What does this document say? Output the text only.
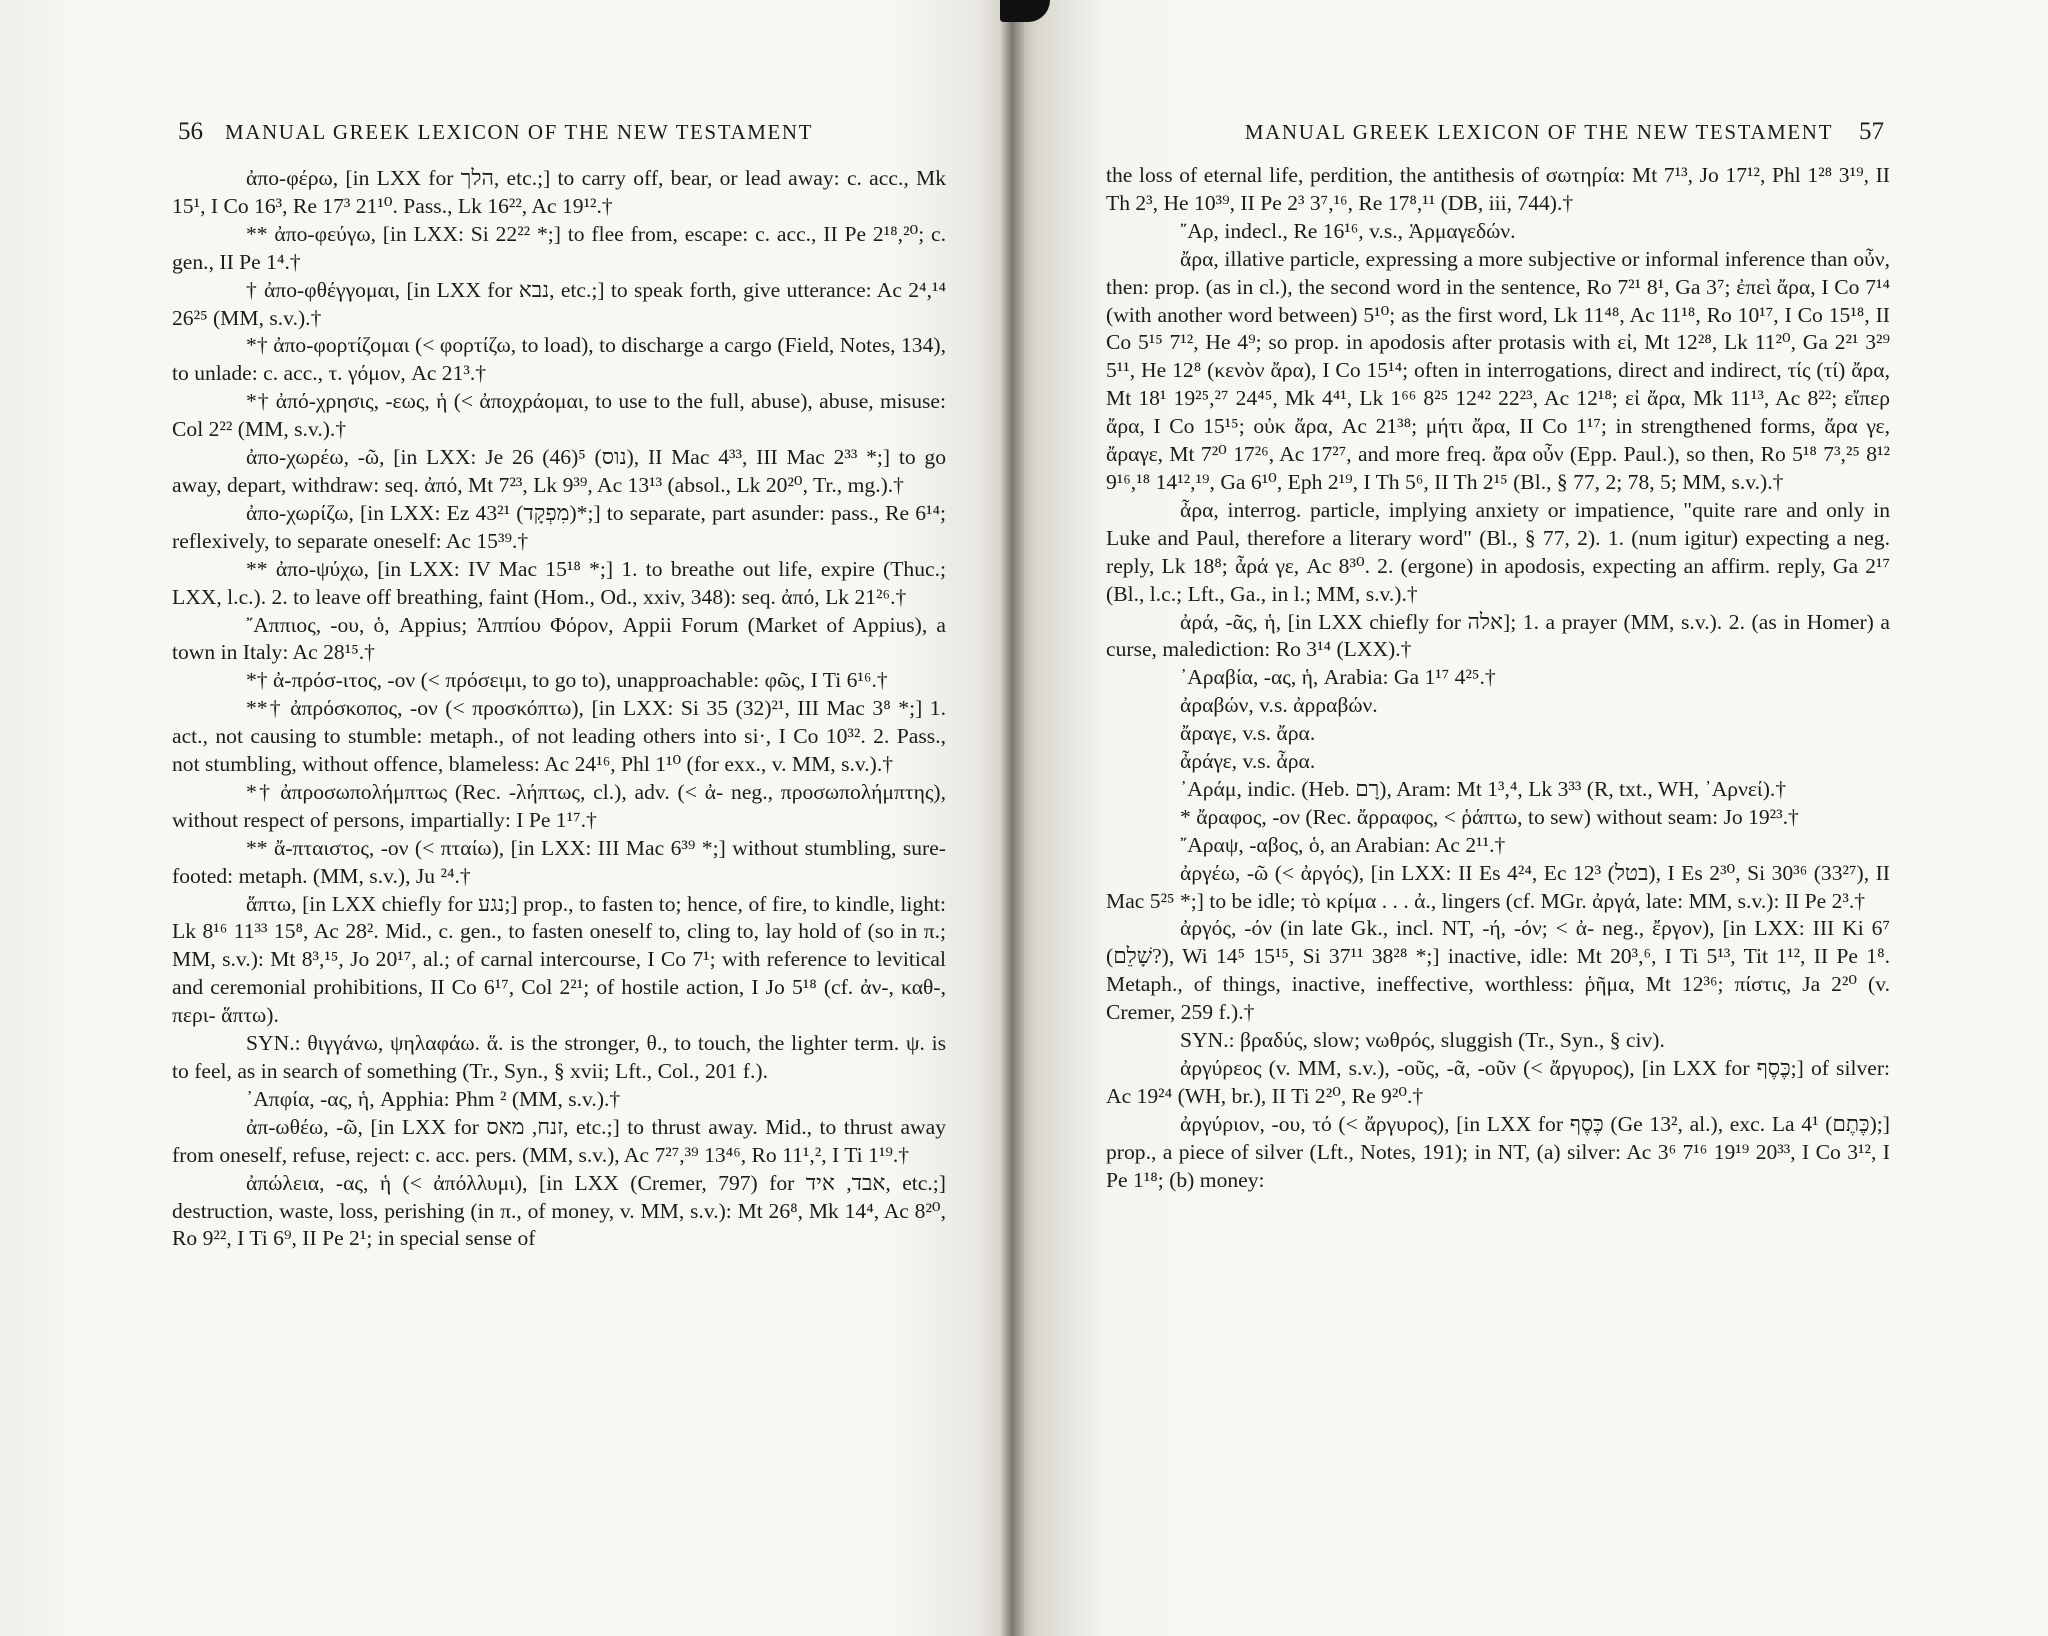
56 MANUAL GREEK LEXICON OF THE NEW TESTAMENT

ἀπο-φέρω, [in LXX for הלך, etc.;] to carry off, bear, or lead away: c. acc., Mk 15¹, I Co 16³, Re 17³ 21¹⁰. Pass., Lk 16²², Ac 19¹².†

** ἀπο-φεύγω, [in LXX: Si 22²² *;] to flee from, escape: c. acc., II Pe 2¹⁸,²⁰; c. gen., II Pe 1⁴.†

† ἀπο-φθέγγομαι, [in LXX for נבא, etc.;] to speak forth, give utterance: Ac 2⁴,¹⁴ 26²⁵ (MM, s.v.).†

*† ἀπο-φορτίζομαι (< φορτίζω, to load), to discharge a cargo (Field, Notes, 134), to unlade: c. acc., τ. γόμον, Ac 21³.†

*† ἀπό-χρησις, -εως, ἡ (< ἀποχράομαι, to use to the full, abuse), abuse, misuse: Col 2²² (MM, s.v.).†

ἀπο-χωρέω, -ῶ, [in LXX: Je 26 (46)⁵ (נוס), II Mac 4³³, III Mac 2³³ *;] to go away, depart, withdraw: seq. ἀπό, Mt 7²³, Lk 9³⁹, Ac 13¹³ (absol., Lk 20²⁰, Tr., mg.).†

ἀπο-χωρίζω, [in LXX: Ez 43²¹ (מִפְקָד)*;] to separate, part asunder: pass., Re 6¹⁴; reflexively, to separate oneself: Ac 15³⁹.†

** ἀπο-ψύχω, [in LXX: IV Mac 15¹⁸ *;] 1. to breathe out life, expire (Thuc.; LXX, l.c.). 2. to leave off breathing, faint (Hom., Od., xxiv, 348): seq. ἀπό, Lk 21²⁶.†

῎Αππιος, -ου, ὁ, Appius; Ἀππίου Φόρον, Appii Forum (Market of Appius), a town in Italy: Ac 28¹⁵.†

*† ἀ-πρόσ-ιτος, -ον (< πρόσειμι, to go to), unapproachable: φῶς, I Ti 6¹⁶.†

**† ἀπρόσκοπος, -ον (< προσκόπτω), [in LXX: Si 35 (32)²¹, III Mac 3⁸ *;] 1. act., not causing to stumble: metaph., of not leading others into si·, I Co 10³². 2. Pass., not stumbling, without offence, blameless: Ac 24¹⁶, Phl 1¹⁰ (for exx., v. MM, s.v.).†

*† ἀπροσωπολήμπτως (Rec. -λήπτως, cl.), adv. (< ἀ- neg., προσωπολήμπτης), without respect of persons, impartially: I Pe 1¹⁷.†

** ἄ-πταιστος, -ον (< πταίω), [in LXX: III Mac 6³⁹ *;] without stumbling, sure-footed: metaph. (MM, s.v.), Ju ²⁴.†

ἅπτω, [in LXX chiefly for נגע;] prop., to fasten to; hence, of fire, to kindle, light: Lk 8¹⁶ 11³³ 15⁸, Ac 28². Mid., c. gen., to fasten oneself to, cling to, lay hold of (so in π.; MM, s.v.): Mt 8³,¹⁵, Jo 20¹⁷, al.; of carnal intercourse, I Co 7¹; with reference to levitical and ceremonial prohibitions, II Co 6¹⁷, Col 2²¹; of hostile action, I Jo 5¹⁸ (cf. ἀν-, καθ-, περι- ἅπτω).

SYN.: θιγγάνω, ψηλαφάω. ἅ. is the stronger, θ., to touch, the lighter term. ψ. is to feel, as in search of something (Tr., Syn., § xvii; Lft., Col., 201 f.).

᾿Απφία, -ας, ἡ, Apphia: Phm ² (MM, s.v.).†

ἀπ-ωθέω, -ῶ, [in LXX for זנח, מאס, etc.;] to thrust away. Mid., to thrust away from oneself, refuse, reject: c. acc. pers. (MM, s.v.), Ac 7²⁷,³⁹ 13⁴⁶, Ro 11¹,², I Ti 1¹⁹.†

ἀπώλεια, -ας, ἡ (< ἀπόλλυμι), [in LXX (Cremer, 797) for אבד, איד, etc.;] destruction, waste, loss, perishing (in π., of money, v. MM, s.v.): Mt 26⁸, Mk 14⁴, Ac 8²⁰, Ro 9²², I Ti 6⁹, II Pe 2¹; in special sense of

MANUAL GREEK LEXICON OF THE NEW TESTAMENT 57

the loss of eternal life, perdition, the antithesis of σωτηρία: Mt 7¹³, Jo 17¹², Phl 1²⁸ 3¹⁹, II Th 2³, He 10³⁹, II Pe 2³ 3⁷,¹⁶, Re 17⁸,¹¹ (DB, iii, 744).†

῎Αρ, indecl., Re 16¹⁶, v.s., Ἁρμαγεδών.

ἄρα, illative particle, expressing a more subjective or informal inference than οὖν, then: prop. (as in cl.), the second word in the sentence, Ro 7²¹ 8¹, Ga 3⁷; ἐπεὶ ἄρα, I Co 7¹⁴ (with another word between) 5¹⁰; as the first word, Lk 11⁴⁸, Ac 11¹⁸, Ro 10¹⁷, I Co 15¹⁸, II Co 5¹⁵ 7¹², He 4⁹; so prop. in apodosis after protasis with εἰ, Mt 12²⁸, Lk 11²⁰, Ga 2²¹ 3²⁹ 5¹¹, He 12⁸ (κενὸν ἄρα), I Co 15¹⁴; often in interrogations, direct and indirect, τίς (τί) ἄρα, Mt 18¹ 19²⁵,²⁷ 24⁴⁵, Mk 4⁴¹, Lk 1⁶⁶ 8²⁵ 12⁴² 22²³, Ac 12¹⁸; εἰ ἄρα, Mk 11¹³, Ac 8²²; εἴπερ ἄρα, I Co 15¹⁵; οὐκ ἄρα, Ac 21³⁸; μήτι ἄρα, II Co 1¹⁷; in strengthened forms, ἄρα γε, ἄραγε, Mt 7²⁰ 17²⁶, Ac 17²⁷, and more freq. ἄρα οὖν (Epp. Paul.), so then, Ro 5¹⁸ 7³,²⁵ 8¹² 9¹⁶,¹⁸ 14¹²,¹⁹, Ga 6¹⁰, Eph 2¹⁹, I Th 5⁶, II Th 2¹⁵ (Bl., § 77, 2; 78, 5; MM, s.v.).†

ἆρα, interrog. particle, implying anxiety or impatience, "quite rare and only in Luke and Paul, therefore a literary word" (Bl., § 77, 2). 1. (num igitur) expecting a neg. reply, Lk 18⁸; ἆρά γε, Ac 8³⁰. 2. (ergone) in apodosis, expecting an affirm. reply, Ga 2¹⁷ (Bl., l.c.; Lft., Ga., in l.; MM, s.v.).†

ἀρά, -ᾶς, ἡ, [in LXX chiefly for אלה]; 1. a prayer (MM, s.v.). 2. (as in Homer) a curse, malediction: Ro 3¹⁴ (LXX).†

᾿Αραβία, -ας, ἡ, Arabia: Ga 1¹⁷ 4²⁵.†

ἀραβών, v.s. ἀρραβών.

ἄραγε, v.s. ἄρα.

ἆράγε, v.s. ἆρα.

᾿Αράμ, indic. (Heb. רָם), Aram: Mt 1³,⁴, Lk 3³³ (R, txt., WH, ᾿Αρνεί).†

* ἄραφος, -ον (Rec. ἄρραφος, < ῥάπτω, to sew) without seam: Jo 19²³.†

῎Αραψ, -αβος, ὁ, an Arabian: Ac 2¹¹.†

ἀργέω, -ῶ (< ἀργός), [in LXX: II Es 4²⁴, Ec 12³ (בטל), I Es 2³⁰, Si 30³⁶ (33²⁷), II Mac 5²⁵ *;] to be idle; τὸ κρίμα . . . ἀ., lingers (cf. MGr. ἀργά, late: MM, s.v.): II Pe 2³.†

ἀργός, -όν (in late Gk., incl. NT, -ή, -όν; < ἀ- neg., ἔργον), [in LXX: III Ki 6⁷ (שָׁלֵם?), Wi 14⁵ 15¹⁵, Si 37¹¹ 38²⁸ *;] inactive, idle: Mt 20³,⁶, I Ti 5¹³, Tit 1¹², II Pe 1⁸. Metaph., of things, inactive, ineffective, worthless: ῥῆμα, Mt 12³⁶; πίστις, Ja 2²⁰ (v. Cremer, 259 f.).†

SYN.: βραδύς, slow; νωθρός, sluggish (Tr., Syn., § civ).

ἀργύρεος (v. MM, s.v.), -οῦς, -ᾶ, -οῦν (< ἄργυρος), [in LXX for כֶּסֶף;] of silver: Ac 19²⁴ (WH, br.), II Ti 2²⁰, Re 9²⁰.†

ἀργύριον, -ου, τό (< ἄργυρος), [in LXX for כֶּסֶף (Ge 13², al.), exc. La 4¹ (כֶּתֶם);] prop., a piece of silver (Lft., Notes, 191); in NT, (a) silver: Ac 3⁶ 7¹⁶ 19¹⁹ 20³³, I Co 3¹², I Pe 1¹⁸; (b) money:
